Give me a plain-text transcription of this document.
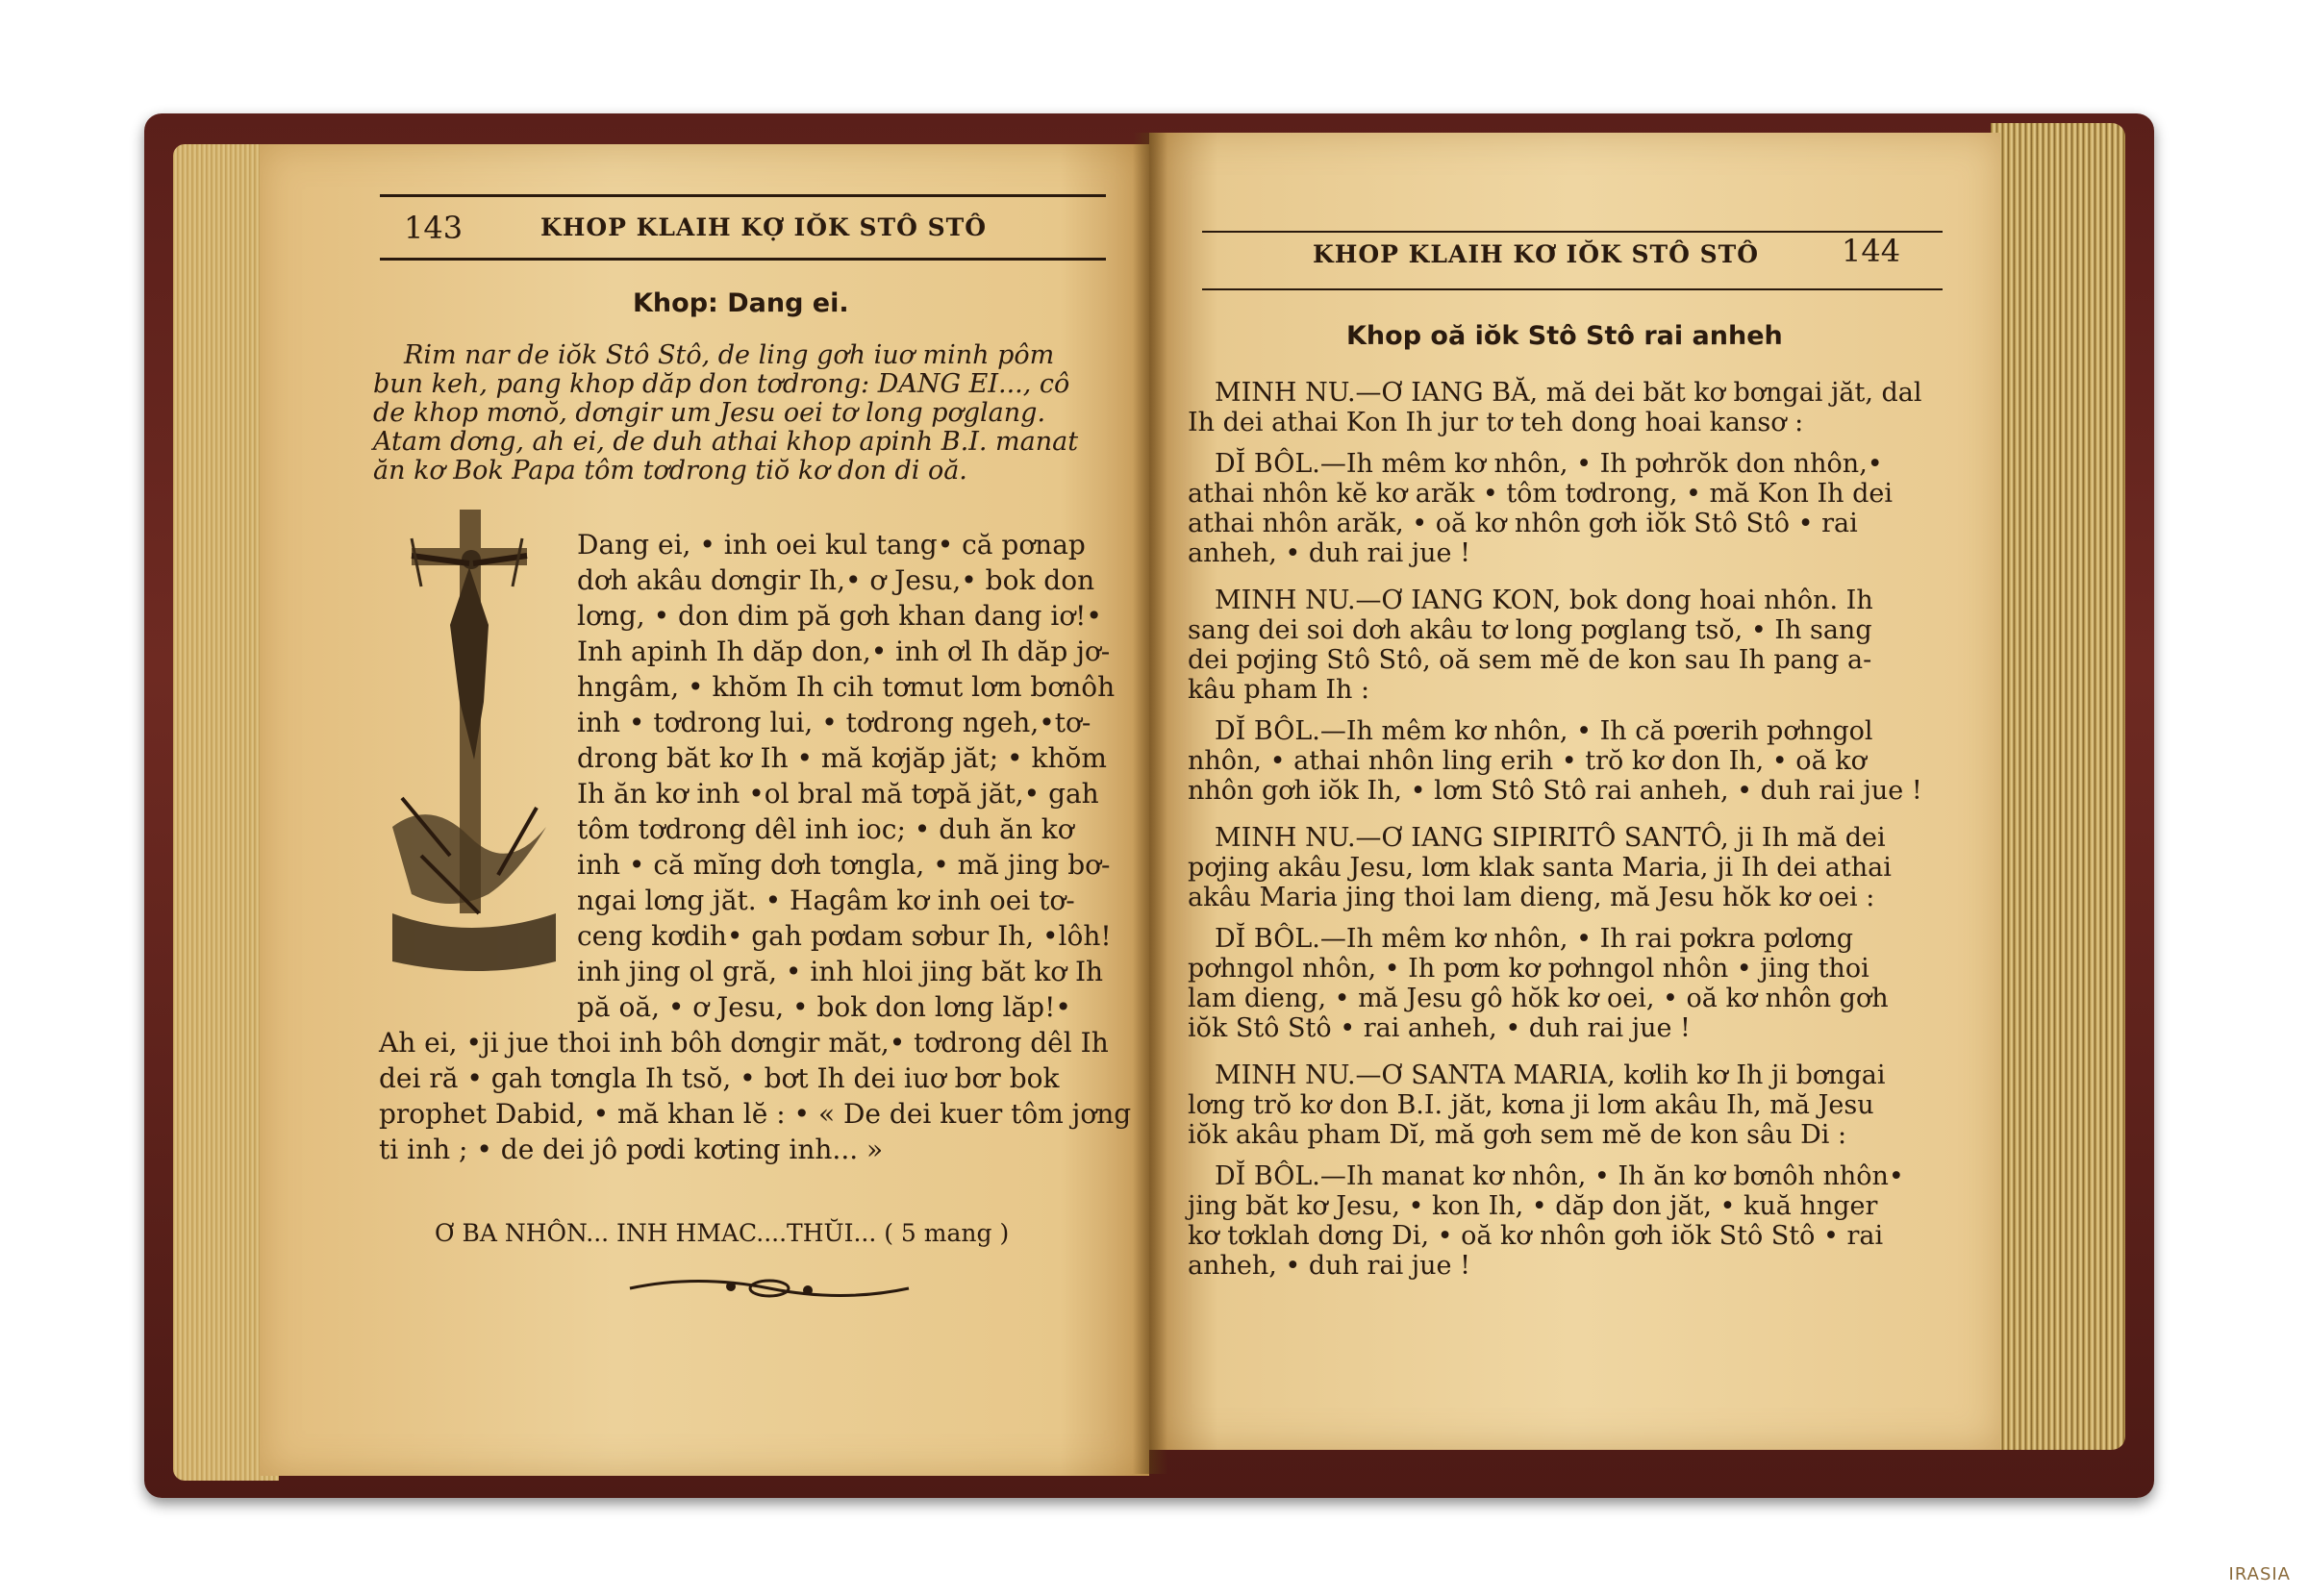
143	KHOP KLAIH KỢ IŎK STÔ STÔ
Khop: Dang ei.
Rim nar de iŏk Stô Stô, de ling gơh iuơ minh pôm
bun keh, pang khop dăp don tơdrong: DANG EI..., cô
de khop mơnŏ, dơngir um Jesu oei tơ long pơglang.
Atam dơng, ah ei, de duh athai khop apinh B.I. manat
ăn kơ Bok Papa tôm tơdrong tiŏ kơ don di oă.
Dang ei, • inh oei kul tang• că pơnap
dơh akâu dơngir Ih,• ơ Jesu,• bok don
lơng, • don dim pă gơh khan dang iơ!•
Inh apinh Ih dăp don,• inh ơl Ih dăp jơ-
hngâm, • khŏm Ih cih tơmut lơm bơnôh
inh • tơdrong lui, • tơdrong ngeh,•tơ-
drong băt kơ Ih • mă kơjăp jăt; • khŏm
Ih ăn kơ inh •ol bral mă tơpă jăt,• gah
tôm tơdrong dêl inh ioc; • duh ăn kơ
inh • că mĭng dơh tơngla, • mă jing bơ-
ngai lơng jăt. • Hagâm kơ inh oei tơ-
ceng kơdih• gah pơdam sơbur Ih, •lôh!
inh jing ol gră, • inh hloi jing băt kơ Ih
pă oă, • ơ Jesu, • bok don lơng lăp!•
Ah ei, •ji jue thoi inh bôh dơngir măt,• tơdrong dêl Ih
dei ră • gah tơngla Ih tsŏ, • bơt Ih dei iuơ bơr bok
prophet Dabid, • mă khan lĕ : • « De dei kuer tôm jơng
ti inh ; • de dei jô pơdi kơting inh... »
Ơ BA NHÔN... INH HMAC....THŬI... ( 5 mang )
KHOP KLAIH KƠ IŎK STÔ STÔ	144
Khop oă iŏk Stô Stô rai anheh
MINH NU.—Ơ IANG BĂ, mă dei băt kơ bơngai jăt, dal
Ih dei athai Kon Ih jur tơ teh dong hoai kansơ :
DĬ BÔL.—Ih mêm kơ nhôn, • Ih pơhrŏk don nhôn,•
athai nhôn kĕ kơ arăk • tôm tơdrong, • mă Kon Ih dei
athai nhôn arăk, • oă kơ nhôn gơh iŏk Stô Stô • rai
anheh, • duh rai jue !
MINH NU.—Ơ IANG KON, bok dong hoai nhôn. Ih
sang dei soi dơh akâu tơ long pơglang tsŏ, • Ih sang
dei pơjing Stô Stô, oă sem mĕ de kon sau Ih pang a-
kâu pham Ih :
DĬ BÔL.—Ih mêm kơ nhôn, • Ih că pơerih pơhngol
nhôn, • athai nhôn ling erih • trŏ kơ don Ih, • oă kơ
nhôn gơh iŏk Ih, • lơm Stô Stô rai anheh, • duh rai jue !
MINH NU.—Ơ IANG SIPIRITÔ SANTÔ, ji Ih mă dei
pơjing akâu Jesu, lơm klak santa Maria, ji Ih dei athai
akâu Maria jing thoi lam dieng, mă Jesu hŏk kơ oei :
DĬ BÔL.—Ih mêm kơ nhôn, • Ih rai pơkra pơlơng
pơhngol nhôn, • Ih pơm kơ pơhngol nhôn • jing thoi
lam dieng, • mă Jesu gô hŏk kơ oei, • oă kơ nhôn gơh
iŏk Stô Stô • rai anheh, • duh rai jue !
MINH NU.—Ơ SANTA MARIA, kơlih kơ Ih ji bơngai
lơng trŏ kơ don B.I. jăt, kơna ji lơm akâu Ih, mă Jesu
iŏk akâu pham Dĭ, mă gơh sem mĕ de kon sâu Di :
DĬ BÔL.—Ih manat kơ nhôn, • Ih ăn kơ bơnôh nhôn•
jing băt kơ Jesu, • kon Ih, • dăp don jăt, • kuă hnger
kơ tơklah dơng Di, • oă kơ nhôn gơh iŏk Stô Stô • rai
anheh, • duh rai jue !
IRASIA
